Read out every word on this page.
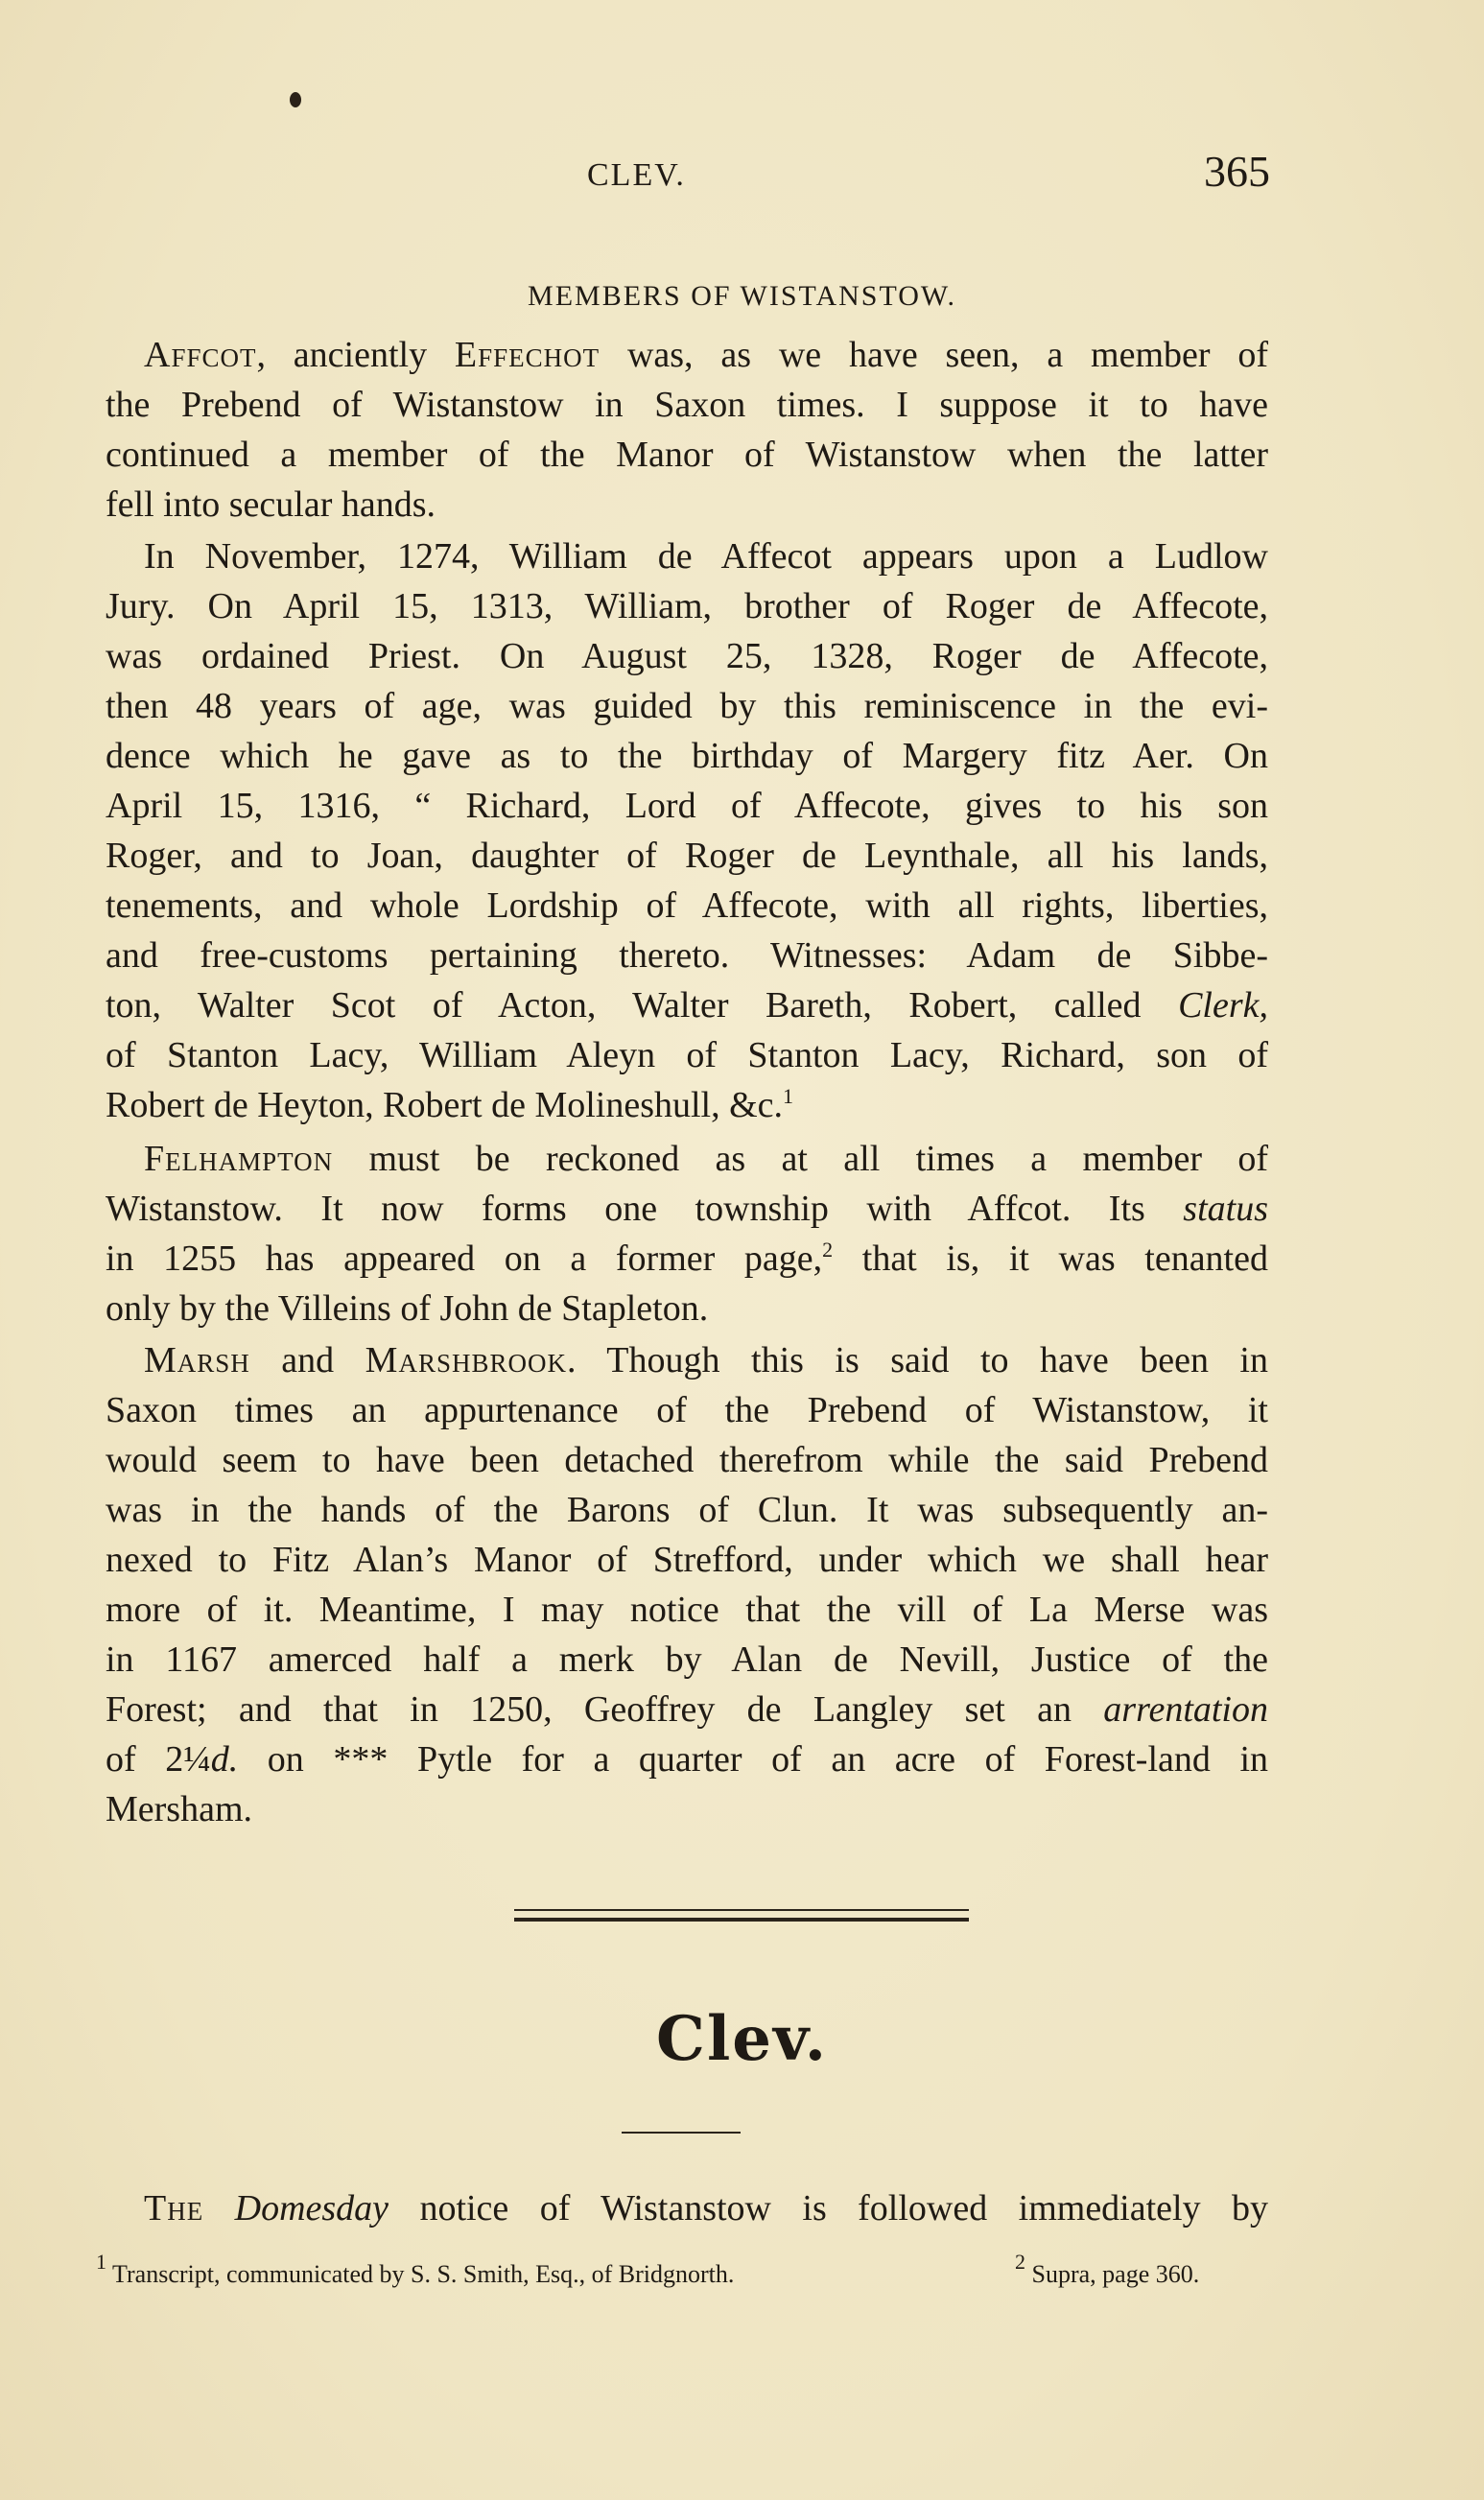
CLEV.	365
MEMBERS OF WISTANSTOW.
Affcot, anciently Effechot was, as we have seen, a member of
the Prebend of Wistanstow in Saxon times. I suppose it to have
continued a member of the Manor of Wistanstow when the latter
fell into secular hands.
In November, 1274, William de Affecot appears upon a Ludlow
Jury. On April 15, 1313, William, brother of Roger de Affecote,
was ordained Priest. On August 25, 1328, Roger de Affecote,
then 48 years of age, was guided by this reminiscence in the evi-
dence which he gave as to the birthday of Margery fitz Aer. On
April 15, 1316, “ Richard, Lord of Affecote, gives to his son
Roger, and to Joan, daughter of Roger de Leynthale, all his lands,
tenements, and whole Lordship of Affecote, with all rights, liberties,
and free-customs pertaining thereto. Witnesses: Adam de Sibbe-
ton, Walter Scot of Acton, Walter Bareth, Robert, called Clerk,
of Stanton Lacy, William Aleyn of Stanton Lacy, Richard, son of
Robert de Heyton, Robert de Molineshull, &c.$^1$
Felhampton must be reckoned as at all times a member of
Wistanstow. It now forms one township with Affcot. Its status
in 1255 has appeared on a former page,$^2$ that is, it was tenanted
only by the Villeins of John de Stapleton.
Marsh and Marshbrook. Though this is said to have been in
Saxon times an appurtenance of the Prebend of Wistanstow, it
would seem to have been detached therefrom while the said Prebend
was in the hands of the Barons of Clun. It was subsequently an-
nexed to Fitz Alan’s Manor of Strefford, under which we shall hear
more of it. Meantime, I may notice that the vill of La Merse was
in 1167 amerced half a merk by Alan de Nevill, Justice of the
Forest; and that in 1250, Geoffrey de Langley set an arrentation
of 2¼d. on *** Pytle for a quarter of an acre of Forest-land in
Mersham.
Clev.
The Domesday notice of Wistanstow is followed immediately by
$^1$ Transcript, communicated by S. S. Smith, Esq., of Bridgnorth.	$^2$ Supra, page 360.
